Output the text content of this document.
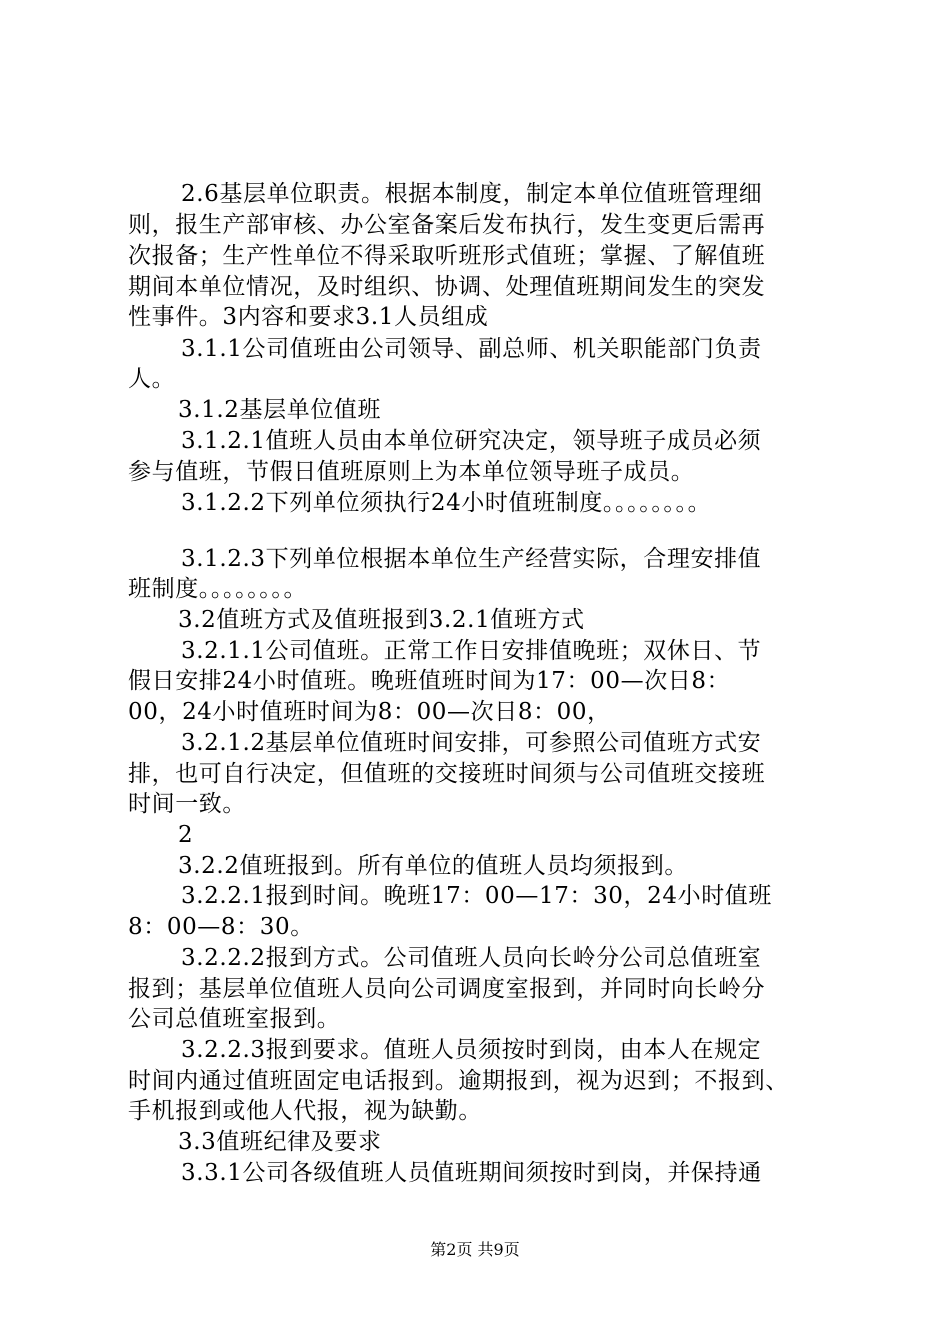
2.6基层单位职责。根据本制度，制定本单位值班管理细
则，报生产部审核、办公室备案后发布执行，发生变更后需再
次报备；生产性单位不得采取听班形式值班；掌握、了解值班
期间本单位情况，及时组织、协调、处理值班期间发生的突发
性事件。3内容和要求3.1人员组成
3.1.1公司值班由公司领导、副总师、机关职能部门负责
人。
3.1.2基层单位值班
3.1.2.1值班人员由本单位研究决定，领导班子成员必须
参与值班，节假日值班原则上为本单位领导班子成员。
3.1.2.2下列单位须执行24小时值班制度。。。。。。。。
3.1.2.3下列单位根据本单位生产经营实际，合理安排值
班制度。。。。。。。。
3.2值班方式及值班报到3.2.1值班方式
3.2.1.1公司值班。正常工作日安排值晚班；双休日、节
假日安排24小时值班。晚班值班时间为17：00—次日8：
00，24小时值班时间为8：00—次日8：00，
3.2.1.2基层单位值班时间安排，可参照公司值班方式安
排，也可自行决定，但值班的交接班时间须与公司值班交接班
时间一致。
2
3.2.2值班报到。所有单位的值班人员均须报到。
3.2.2.1报到时间。晚班17：00—17：30，24小时值班
8：00—8：30。
3.2.2.2报到方式。公司值班人员向长岭分公司总值班室
报到；基层单位值班人员向公司调度室报到，并同时向长岭分
公司总值班室报到。
3.2.2.3报到要求。值班人员须按时到岗，由本人在规定
时间内通过值班固定电话报到。逾期报到，视为迟到；不报到、
手机报到或他人代报，视为缺勤。
3.3值班纪律及要求
3.3.1公司各级值班人员值班期间须按时到岗，并保持通
第2页 共9页
